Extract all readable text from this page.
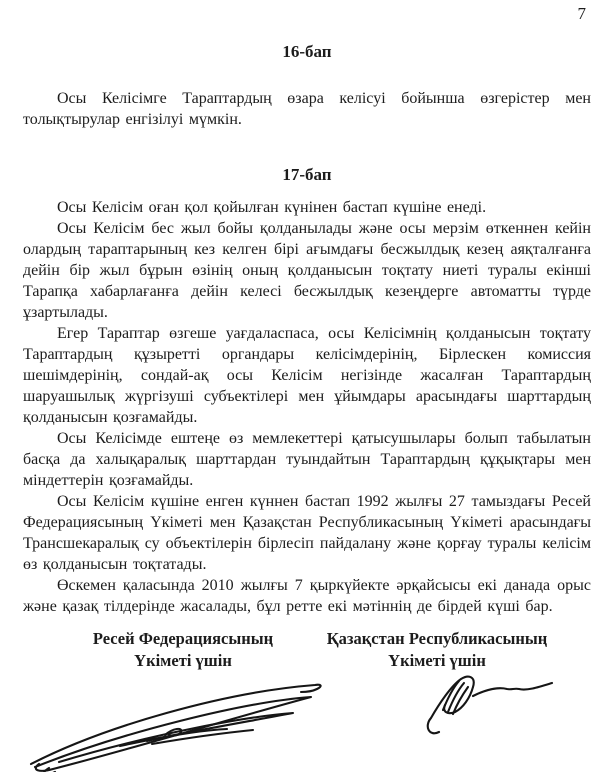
7
16-бап

Осы Келісімге Тараптардың өзара келісуі бойынша өзгерістер мен толықтырулар енгізілуі мүмкін.

17-бап

Осы Келісім оған қол қойылған күнінен бастап күшіне енеді.

Осы Келісім бес жыл бойы қолданылады және осы мерзім өткеннен кейін олардың тараптарының кез келген бірі ағымдағы бесжылдық кезең аяқталғанға дейін бір жыл бұрын өзінің оның қолданысын тоқтату ниеті туралы екінші Тарапқа хабарлағанға дейін келесі бесжылдық кезеңдерге автоматты түрде ұзартылады.

Егер Тараптар өзгеше уағдаласпаса, осы Келісімнің қолданысын тоқтату Тараптардың құзыретті органдары келісімдерінің, Бірлескен комиссия шешімдерінің, сондай-ақ осы Келісім негізінде жасалған Тараптардың шаруашылық жүргізуші субъектілері мен ұйымдары арасындағы шарттардың қолданысын қозғамайды.

Осы Келісімде ештеңе өз мемлекеттері қатысушылары болып табылатын басқа да халықаралық шарттардан туындайтын Тараптардың құқықтары мен міндеттерін қозғамайды.

Осы Келісім күшіне енген күннен бастап 1992 жылғы 27 тамыздағы Ресей Федерациясының Үкіметі мен Қазақстан Республикасының Үкіметі арасындағы Трансшекаралық су объектілерін бірлесіп пайдалану және қорғау туралы келісім өз қолданысын тоқтатады.

Өскемен қаласында 2010 жылғы 7 қыркүйекте әрқайсысы екі данада орыс және қазақ тілдерінде жасалады, бұл ретте екі мәтіннің де бірдей күші бар.

Ресей Федерациясының
Үкіметі үшін
Қазақстан Республикасының
Үкіметі үшін
